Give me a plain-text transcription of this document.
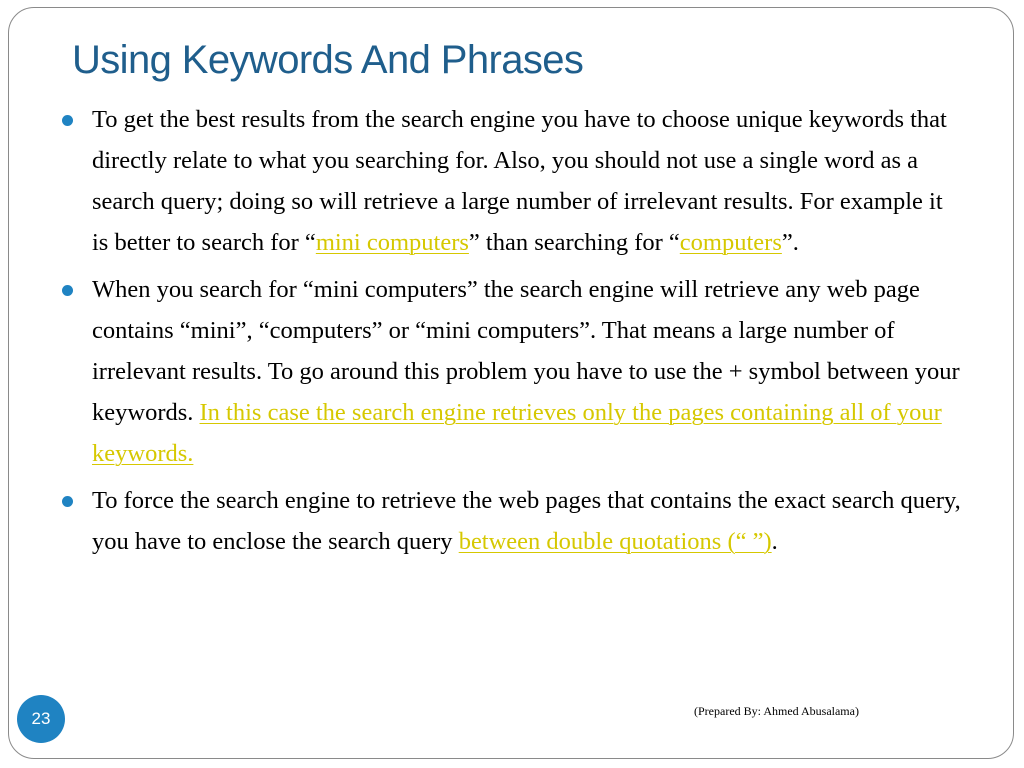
Using Keywords And Phrases
To get the best results from the search engine you have to choose unique keywords that directly relate to what you searching for. Also, you should not use a single word as a search query; doing so will retrieve a large number of irrelevant results. For example it is better to search for “mini computers” than searching for “computers”.
When you search for “mini computers” the search engine will retrieve any web page contains “mini”, “computers” or “mini computers”. That means a large number of irrelevant results. To go around this problem you have to use the + symbol between your keywords. In this case the search engine retrieves only the pages containing all of your keywords.
To force the search engine to retrieve the web pages that contains the exact search query, you have to enclose the search query between double quotations (“ ”).
23	(Prepared By: Ahmed Abusalama)
